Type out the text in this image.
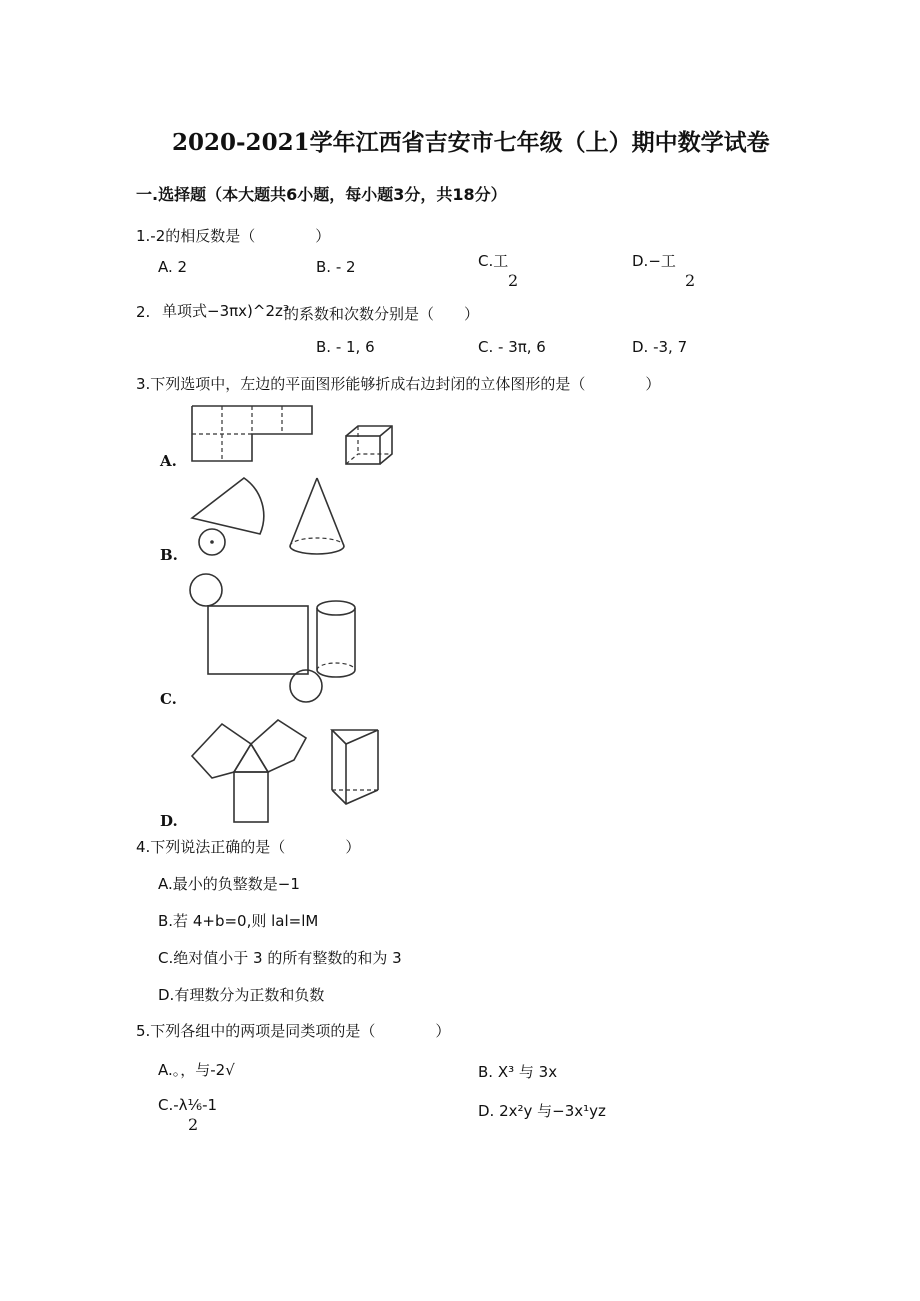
2020-2021学年江西省吉安市七年级（上）期中数学试卷
一.选择题（本大题共6小题，每小题3分，共18分）
1.-2的相反数是（　　　　）
A. 2	B. - 2	C.工
2
D.−工
2
2. 单项式−3πx)^2z³
的系数和次数分别是（　　）
B. - 1, 6	C. - 3π, 6	D. -3, 7
3.下列选项中，左边的平面图形能够折成右边封闭的立体图形的是（　　　　）
A.
B.
C.
D.
4.下列说法正确的是（　　　　）
A.最小的负整数是−1
B.若 4+b=0,则 lal=lM
C.绝对值小于 3 的所有整数的和为 3
D.有理数分为正数和负数
5.下列各组中的两项是同类项的是（　　　　）
A.。，与-2√	B. X³ 与 3x
C.-λ⅙-1
2
D. 2x²y 与−3x¹yz
